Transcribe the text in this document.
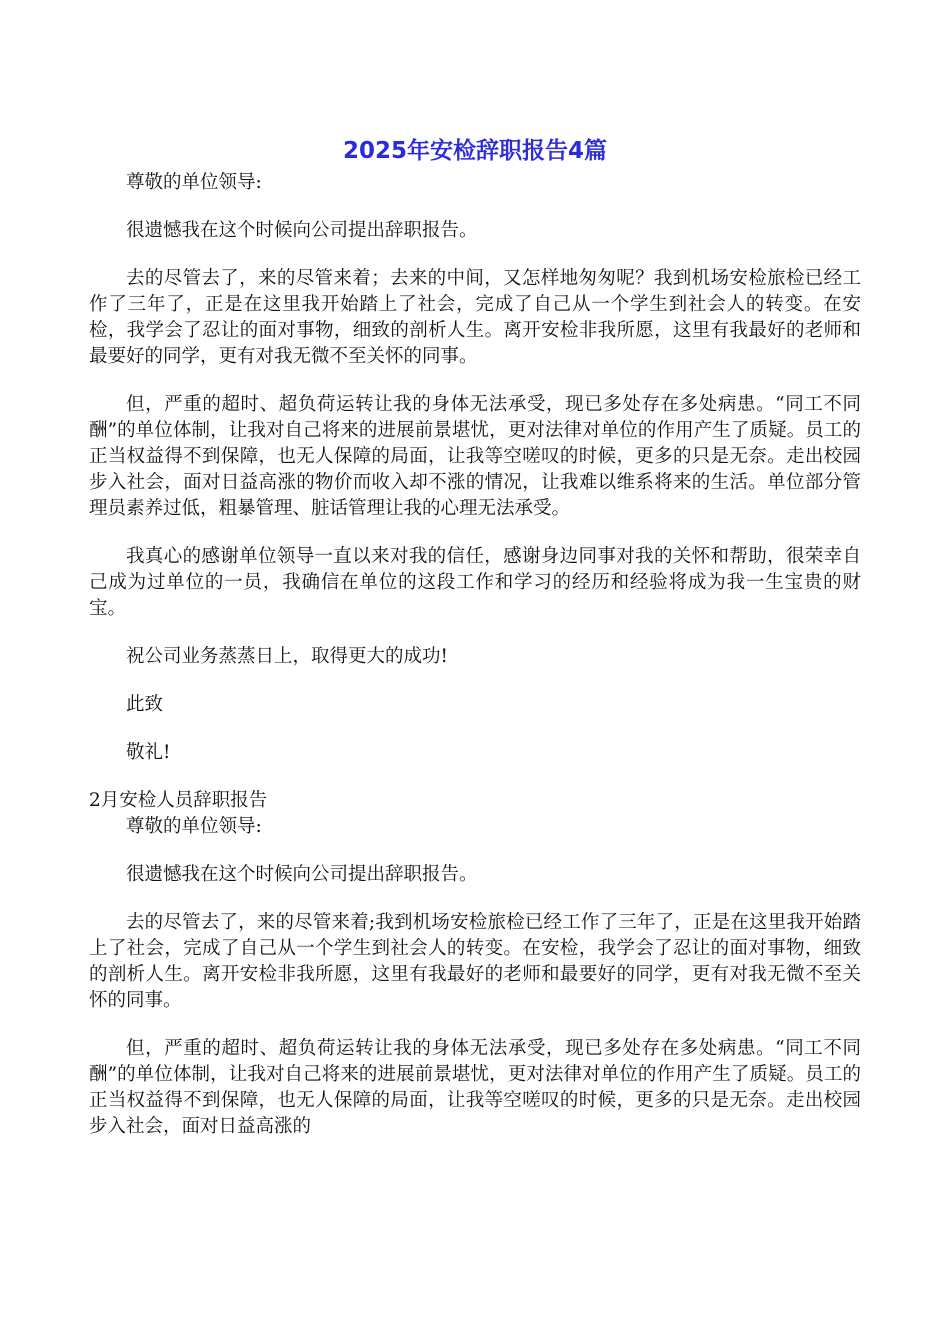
2025年安检辞职报告4篇

尊敬的单位领导:

很遗憾我在这个时候向公司提出辞职报告。

去的尽管去了，来的尽管来着；去来的中间，又怎样地匆匆呢？我到机场安检旅检已经工作了三年了，正是在这里我开始踏上了社会，完成了自己从一个学生到社会人的转变。在安检，我学会了忍让的面对事物，细致的剖析人生。离开安检非我所愿，这里有我最好的老师和最要好的同学，更有对我无微不至关怀的同事。

但，严重的超时、超负荷运转让我的身体无法承受，现已多处存在多处病患。“同工不同酬”的单位体制，让我对自己将来的进展前景堪忧，更对法律对单位的作用产生了质疑。员工的正当权益得不到保障，也无人保障的局面，让我等空嗟叹的时候，更多的只是无奈。走出校园步入社会，面对日益高涨的物价而收入却不涨的情况，让我难以维系将来的生活。单位部分管理员素养过低，粗暴管理、脏话管理让我的心理无法承受。

我真心的感谢单位领导一直以来对我的信任，感谢身边同事对我的关怀和帮助，很荣幸自己成为过单位的一员，我确信在单位的这段工作和学习的经历和经验将成为我一生宝贵的财宝。

祝公司业务蒸蒸日上，取得更大的成功!

此致

敬礼!

2月安检人员辞职报告

尊敬的单位领导:

很遗憾我在这个时候向公司提出辞职报告。

去的尽管去了，来的尽管来着;我到机场安检旅检已经工作了三年了，正是在这里我开始踏上了社会，完成了自己从一个学生到社会人的转变。在安检，我学会了忍让的面对事物，细致的剖析人生。离开安检非我所愿，这里有我最好的老师和最要好的同学，更有对我无微不至关怀的同事。

但，严重的超时、超负荷运转让我的身体无法承受，现已多处存在多处病患。“同工不同酬”的单位体制，让我对自己将来的进展前景堪忧，更对法律对单位的作用产生了质疑。员工的正当权益得不到保障，也无人保障的局面，让我等空嗟叹的时候，更多的只是无奈。走出校园步入社会，面对日益高涨的
